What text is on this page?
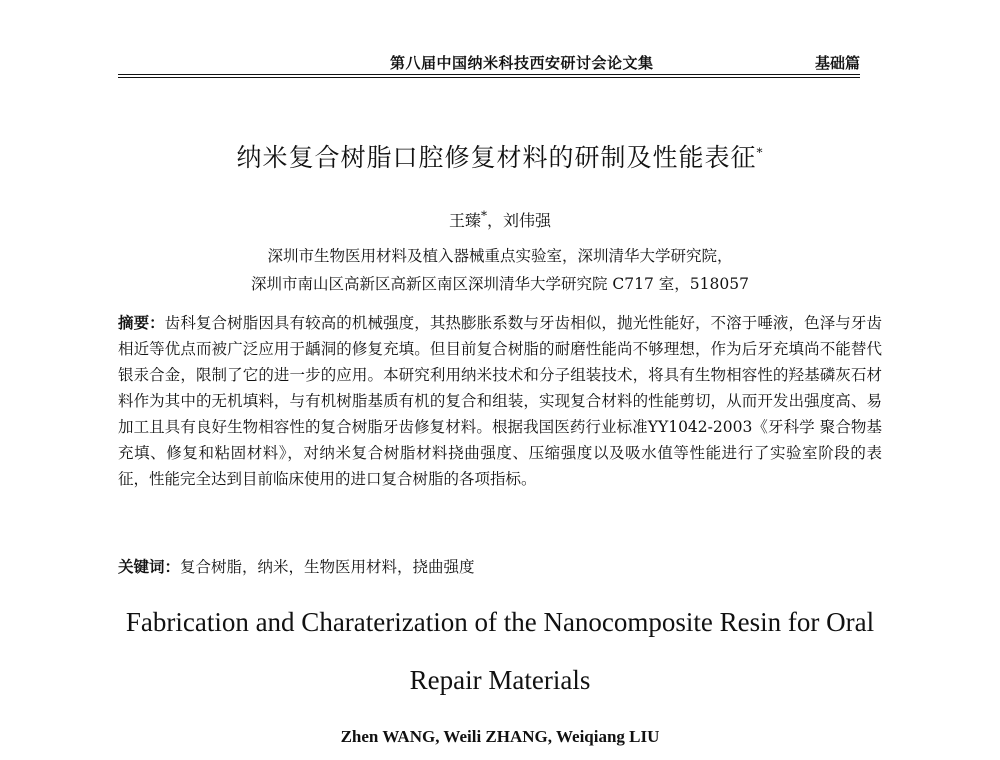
第八届中国纳米科技西安研讨会论文集	基础篇
纳米复合树脂口腔修复材料的研制及性能表征*
王臻*，刘伟强
深圳市生物医用材料及植入器械重点实验室，深圳清华大学研究院，
深圳市南山区高新区高新区南区深圳清华大学研究院 C717 室，518057
摘要：齿科复合树脂因具有较高的机械强度，其热膨胀系数与牙齿相似，抛光性能好，不溶于唾液，色泽与牙齿相近等优点而被广泛应用于龋洞的修复充填。但目前复合树脂的耐磨性能尚不够理想，作为后牙充填尚不能替代银汞合金，限制了它的进一步的应用。本研究利用纳米技术和分子组装技术，将具有生物相容性的羟基磷灰石材料作为其中的无机填料，与有机树脂基质有机的复合和组装，实现复合材料的性能剪切，从而开发出强度高、易加工且具有良好生物相容性的复合树脂牙齿修复材料。根据我国医药行业标准YY1042-2003《牙科学 聚合物基充填、修复和粘固材料》，对纳米复合树脂材料挠曲强度、压缩强度以及吸水值等性能进行了实验室阶段的表征，性能完全达到目前临床使用的进口复合树脂的各项指标。
关键词：复合树脂，纳米，生物医用材料，挠曲强度
Fabrication and Charaterization of the Nanocomposite Resin for Oral
Repair Materials
Zhen WANG, Weili ZHANG, Weiqiang LIU
